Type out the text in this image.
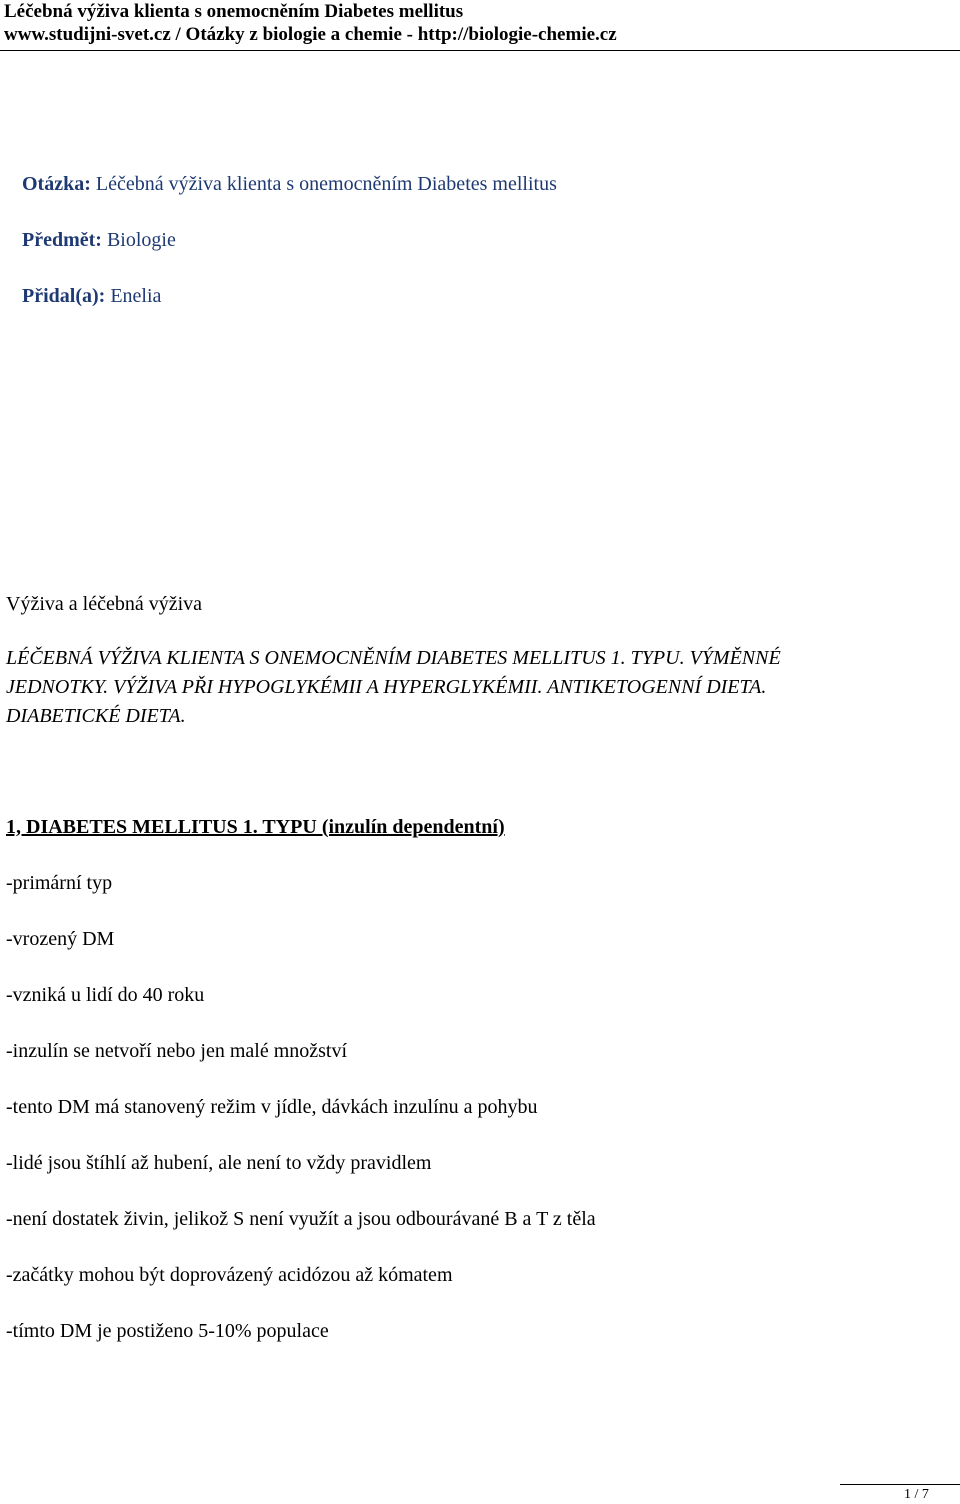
Léčebná výživa klienta s onemocněním Diabetes mellitus
www.studijni-svet.cz / Otázky z biologie a chemie - http://biologie-chemie.cz
Otázka: Léčebná výživa klienta s onemocněním Diabetes mellitus
Předmět: Biologie
Přidal(a): Enelia
Výživa a léčebná výživa
LÉČEBNÁ VÝŽIVA KLIENTA S ONEMOCNĚNÍM DIABETES MELLITUS 1. TYPU. VÝMĚNNÉ
JEDNOTKY. VÝŽIVA PŘI HYPOGLYKÉMII A HYPERGLYKÉMII. ANTIKETOGENNÍ DIETA.
DIABETICKÉ DIETA.
1, DIABETES MELLITUS 1. TYPU (inzulín dependentní)
-primární typ
-vrozený DM
-vzniká u lidí do 40 roku
-inzulín se netvoří nebo jen malé množství
-tento DM má stanovený režim v jídle, dávkách inzulínu a pohybu
-lidé jsou štíhlí až hubení, ale není to vždy pravidlem
-není dostatek živin, jelikož S není využít a jsou odbourávané B a T z těla
-začátky mohou být doprovázený acidózou až kómatem
-tímto DM je postiženo 5-10% populace
1 / 7
